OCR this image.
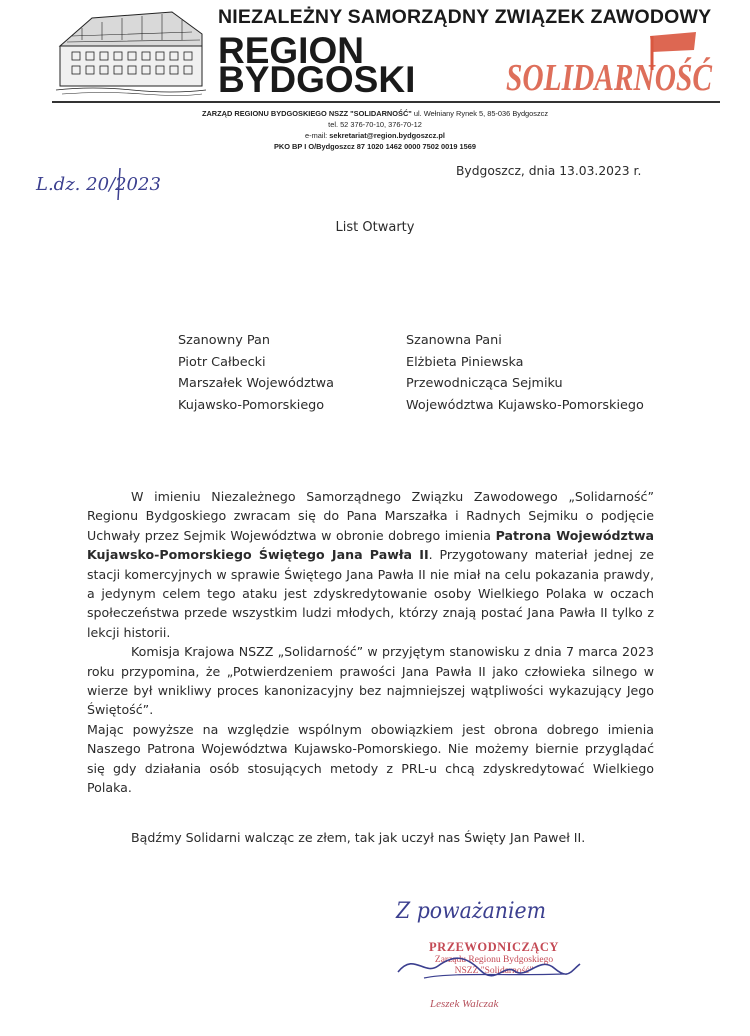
NIEZALEŻNY SAMORZĄDNY ZWIĄZEK ZAWODOWY
REGION
BYDGOSKI SOLIDARNOŚĆ
ZARZĄD REGIONU BYDGOSKIEGO NSZZ "SOLIDARNOŚĆ" ul. Wełniany Rynek 5, 85-036 Bydgoszcz
tel. 52 376-70-10, 376-70-12
e-mail: sekretariat@region.bydgoszcz.pl
PKO BP I O/Bydgoszcz 87 1020 1462 0000 7502 0019 1569
L.dz. 20/2023
Bydgoszcz, dnia 13.03.2023 r.
List Otwarty
Szanowny Pan
Piotr Całbecki
Marszałek Województwa
Kujawsko-Pomorskiego
Szanowna Pani
Elżbieta Piniewska
Przewodnicząca Sejmiku
Województwa Kujawsko-Pomorskiego

W imieniu Niezależnego Samorządnego Związku Zawodowego „Solidarność” Regionu Bydgoskiego zwracam się do Pana Marszałka i Radnych Sejmiku o podjęcie Uchwały przez Sejmik Województwa w obronie dobrego imienia Patrona Województwa Kujawsko-Pomorskiego Świętego Jana Pawła II. Przygotowany materiał jednej ze stacji komercyjnych w sprawie Świętego Jana Pawła II nie miał na celu pokazania prawdy, a jedynym celem tego ataku jest zdyskredytowanie osoby Wielkiego Polaka w oczach społeczeństwa przede wszystkim ludzi młodych, którzy znają postać Jana Pawła II tylko z lekcji historii.

Komisja Krajowa NSZZ „Solidarność” w przyjętym stanowisku z dnia 7 marca 2023 roku przypomina, że „Potwierdzeniem prawości Jana Pawła II jako człowieka silnego w wierze był wnikliwy proces kanonizacyjny bez najmniejszej wątpliwości wykazujący Jego Świętość”.

Mając powyższe na względzie wspólnym obowiązkiem jest obrona dobrego imienia Naszego Patrona Województwa Kujawsko-Pomorskiego. Nie możemy biernie przyglądać się gdy działania osób stosujących metody z PRL-u chcą zdyskredytować Wielkiego Polaka.

Bądźmy Solidarni walcząc ze złem, tak jak uczył nas Święty Jan Paweł II.
Z poważaniem
PRZEWODNICZĄCY
Zarządu Regionu Bydgoskiego
NSZZ "Solidarność"
Leszek Walczak
